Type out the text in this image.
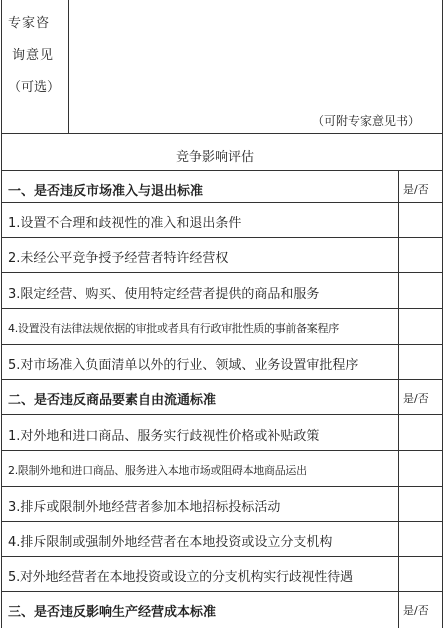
专家咨
询意见
（可选）
（可附专家意见书）
竞争影响评估
一、是否违反市场准入与退出标准	是/否
1.设置不合理和歧视性的准入和退出条件
2.未经公平竞争授予经营者特许经营权
3.限定经营、购买、使用特定经营者提供的商品和服务
4.设置没有法律法规依据的审批或者具有行政审批性质的事前备案程序
5.对市场准入负面清单以外的行业、领域、业务设置审批程序
二、是否违反商品要素自由流通标准	是/否
1.对外地和进口商品、服务实行歧视性价格或补贴政策
2.限制外地和进口商品、服务进入本地市场或阻碍本地商品运出
3.排斥或限制外地经营者参加本地招标投标活动
4.排斥限制或强制外地经营者在本地投资或设立分支机构
5.对外地经营者在本地投资或设立的分支机构实行歧视性待遇
三、是否违反影响生产经营成本标准	是/否
